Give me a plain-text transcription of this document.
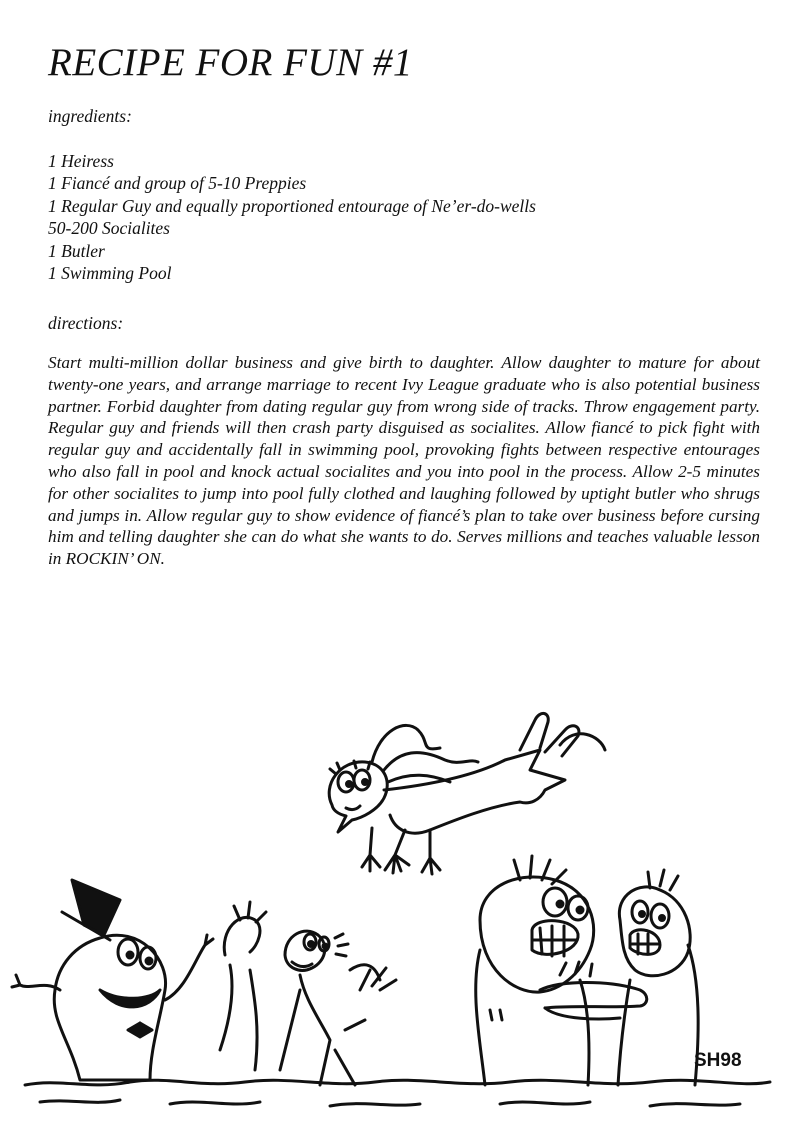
RECIPE FOR FUN #1

ingredients:

1 Heiress
1 Fiancé and group of 5-10 Preppies
1 Regular Guy and equally proportioned entourage of Ne’er-do-wells
50-200 Socialites
1 Butler
1 Swimming Pool

directions:

Start multi-million dollar business and give birth to daughter. Allow daughter to mature for about twenty-one years, and arrange marriage to recent Ivy League graduate who is also potential business partner. Forbid daughter from dating regular guy from wrong side of tracks. Throw engagement party. Regular guy and friends will then crash party disguised as socialites. Allow fiancé to pick fight with regular guy and accidentally fall in swimming pool, provoking fights between respective entourages who also fall in pool and knock actual socialites and you into pool in the process. Allow 2-5 minutes for other socialites to jump into pool fully clothed and laughing followed by uptight butler who shrugs and jumps in. Allow regular guy to show evidence of fiancé’s plan to take over business before cursing him and telling daughter she can do what she wants to do. Serves millions and teaches valuable lesson in ROCKIN’ ON.

SH98
